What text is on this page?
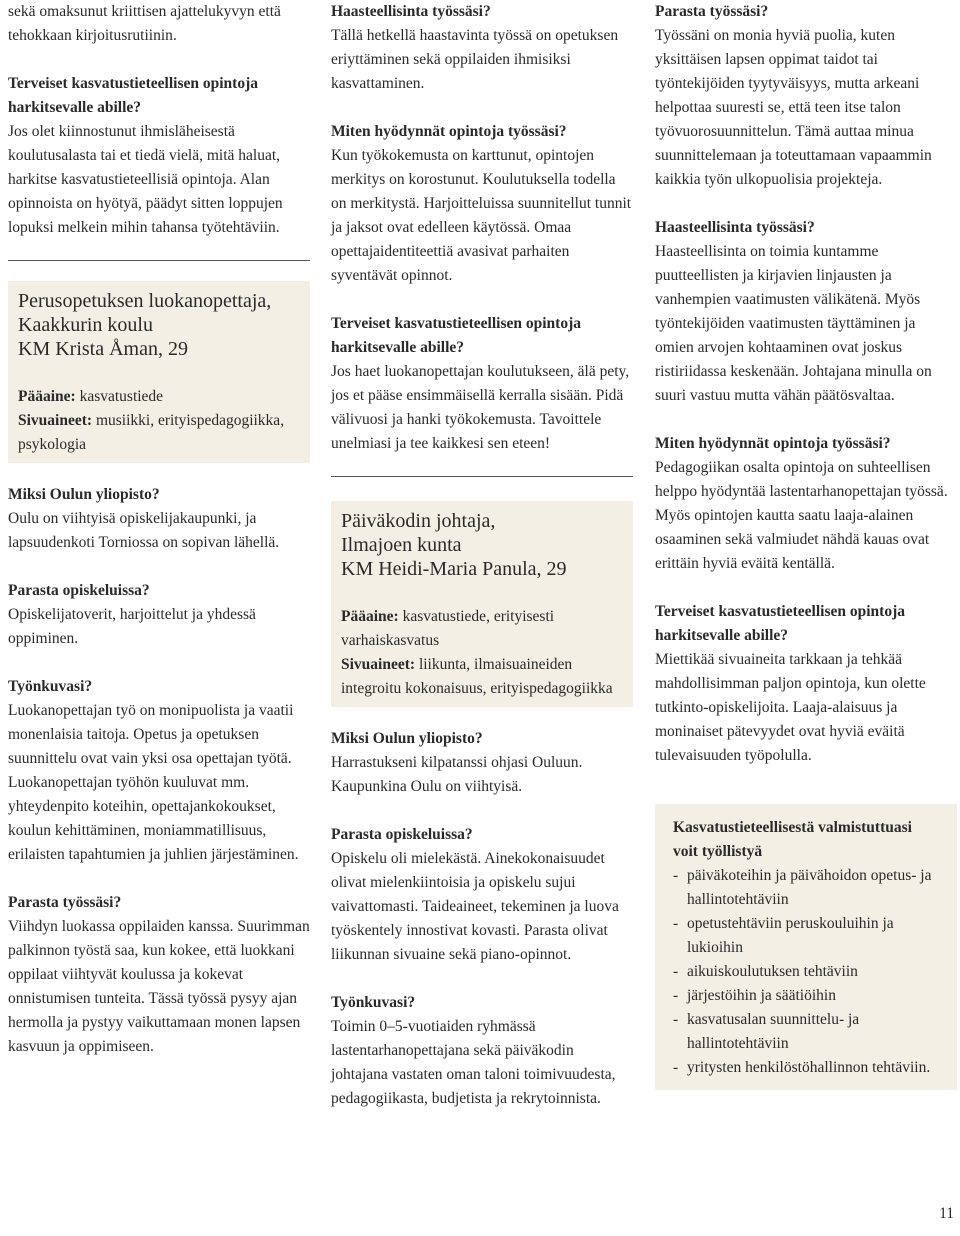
sekä omaksunut kriittisen ajattelukyvyn että tehokkaan kirjoitusrutiinin.

Terveiset kasvatustieteellisen opintoja harkitsevalle abille?

Jos olet kiinnostunut ihmisläheisestä koulutusalasta tai et tiedä vielä, mitä haluat, harkitse kasvatustieteellisiä opintoja. Alan opinnoista on hyötyä, päädyt sitten loppujen lopuksi melkein mihin tahansa työtehtäviin.

Perusopetuksen luokanopettaja,
Kaakkurin koulu
KM Krista Åman, 29

Pääaine: kasvatustiede

Sivuaineet: musiikki, erityispedagogiikka, psykologia

Miksi Oulun yliopisto?

Oulu on viihtyisä opiskelijakaupunki, ja lapsuudenkoti Torniossa on sopivan lähellä.

Parasta opiskeluissa?

Opiskelijatoverit, harjoittelut ja yhdessä oppiminen.

Työnkuvasi?

Luokanopettajan työ on monipuolista ja vaatii monenlaisia taitoja. Opetus ja opetuksen suunnittelu ovat vain yksi osa opettajan työtä. Luokanopettajan työhön kuuluvat mm. yhteydenpito koteihin, opettajankokoukset, koulun kehittäminen, moniammatillisuus, erilaisten tapahtumien ja juhlien järjestäminen.

Parasta työssäsi?

Viihdyn luokassa oppilaiden kanssa. Suurimman palkinnon työstä saa, kun kokee, että luokkani oppilaat viihtyvät koulussa ja kokevat onnistumisen tunteita. Tässä työssä pysyy ajan hermolla ja pystyy vaikuttamaan monen lapsen kasvuun ja oppimiseen.

Haasteellisinta työssäsi?

Tällä hetkellä haastavinta työssä on opetuksen eriyttäminen sekä oppilaiden ihmisiksi kasvattaminen.

Miten hyödynnät opintoja työssäsi?

Kun työkokemusta on karttunut, opintojen merkitys on korostunut. Koulutuksella todella on merkitystä. Harjoitteluissa suunnitellut tunnit ja jaksot ovat edelleen käytössä. Omaa opettajaidentiteettiä avasivat parhaiten syventävät opinnot.

Terveiset kasvatustieteellisen opintoja harkitsevalle abille?

Jos haet luokanopettajan koulutukseen, älä pety, jos et pääse ensimmäisellä kerralla sisään. Pidä välivuosi ja hanki työkokemusta. Tavoittele unelmiasi ja tee kaikkesi sen eteen!

Päiväkodin johtaja,
Ilmajoen kunta
KM Heidi-Maria Panula, 29

Pääaine: kasvatustiede, erityisesti varhaiskasvatus

Sivuaineet: liikunta, ilmaisuaineiden integroitu kokonaisuus, erityispedagogiikka

Miksi Oulun yliopisto?

Harrastukseni kilpatanssi ohjasi Ouluun. Kaupunkina Oulu on viihtyisä.

Parasta opiskeluissa?

Opiskelu oli mielekästä. Ainekokonaisuudet olivat mielenkiintoisia ja opiskelu sujui vaivattomasti. Taideaineet, tekeminen ja luova työskentely innostivat kovasti. Parasta olivat liikunnan sivuaine sekä piano-opinnot.

Työnkuvasi?

Toimin 0–5-vuotiaiden ryhmässä lastentarhanopettajana sekä päiväkodin johtajana vastaten oman taloni toimivuudesta, pedagogiikasta, budjetista ja rekrytoinnista.

Parasta työssäsi?

Työssäni on monia hyviä puolia, kuten yksittäisen lapsen oppimat taidot tai työntekijöiden tyytyväisyys, mutta arkeani helpottaa suuresti se, että teen itse talon työvuorosuunnittelun. Tämä auttaa minua suunnittelemaan ja toteuttamaan vapaammin kaikkia työn ulkopuolisia projekteja.

Haasteellisinta työssäsi?

Haasteellisinta on toimia kuntamme puutteellisten ja kirjavien linjausten ja vanhempien vaatimusten välikätenä. Myös työntekijöiden vaatimusten täyttäminen ja omien arvojen kohtaaminen ovat joskus ristiriidassa keskenään. Johtajana minulla on suuri vastuu mutta vähän päätösvaltaa.

Miten hyödynnät opintoja työssäsi?

Pedagogiikan osalta opintoja on suhteellisen helppo hyödyntää lastentarhanopettajan työssä. Myös opintojen kautta saatu laaja-alainen osaaminen sekä valmiudet nähdä kauas ovat erittäin hyviä eväitä kentällä.

Terveiset kasvatustieteellisen opintoja harkitsevalle abille?

Miettikää sivuaineita tarkkaan ja tehkää mahdollisimman paljon opintoja, kun olette tutkinto-opiskelijoita. Laaja-alaisuus ja moninaiset pätevyydet ovat hyviä eväitä tulevaisuuden työpolulla.

Kasvatustieteellisestä valmistuttuasi voit työllistyä

- päiväkoteihin ja päivähoidon opetus- ja hallintotehtäviin
- opetustehtäviin peruskouluihin ja lukioihin
- aikuiskoulutuksen tehtäviin
- järjestöihin ja säätiöihin
- kasvatusalan suunnittelu- ja hallintotehtäviin
- yritysten henkilöstöhallinnon tehtäviin.
11
